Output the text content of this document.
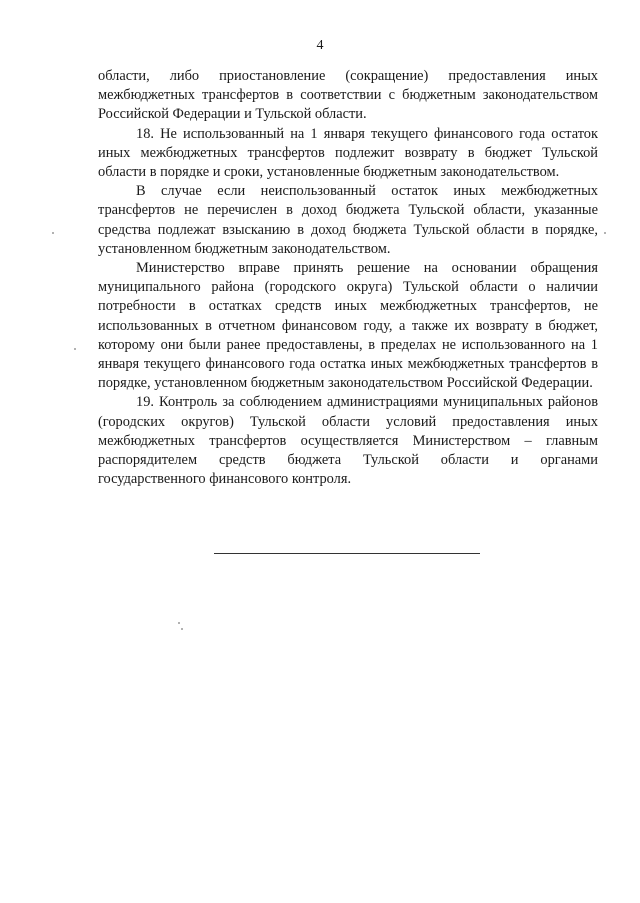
4

области, либо приостановление (сокращение) предоставления иных межбюджетных трансфертов в соответствии с бюджетным законодательством Российской Федерации и Тульской области.

18. Не использованный на 1 января текущего финансового года остаток иных межбюджетных трансфертов подлежит возврату в бюджет Тульской области в порядке и сроки, установленные бюджетным законодательством.

В случае если неиспользованный остаток иных межбюджетных трансфертов не перечислен в доход бюджета Тульской области, указанные средства подлежат взысканию в доход бюджета Тульской области в порядке, установленном бюджетным законодательством.

Министерство вправе принять решение на основании обращения муниципального района (городского округа) Тульской области о наличии потребности в остатках средств иных межбюджетных трансфертов, не использованных в отчетном финансовом году, а также их возврату в бюджет, которому они были ранее предоставлены, в пределах не использованного на 1 января текущего финансового года остатка иных межбюджетных трансфертов в порядке, установленном бюджетным законодательством Российской Федерации.

19. Контроль за соблюдением администрациями муниципальных районов (городских округов) Тульской области условий предоставления иных межбюджетных трансфертов осуществляется Министерством – главным распорядителем средств бюджета Тульской области и органами государственного финансового контроля.
